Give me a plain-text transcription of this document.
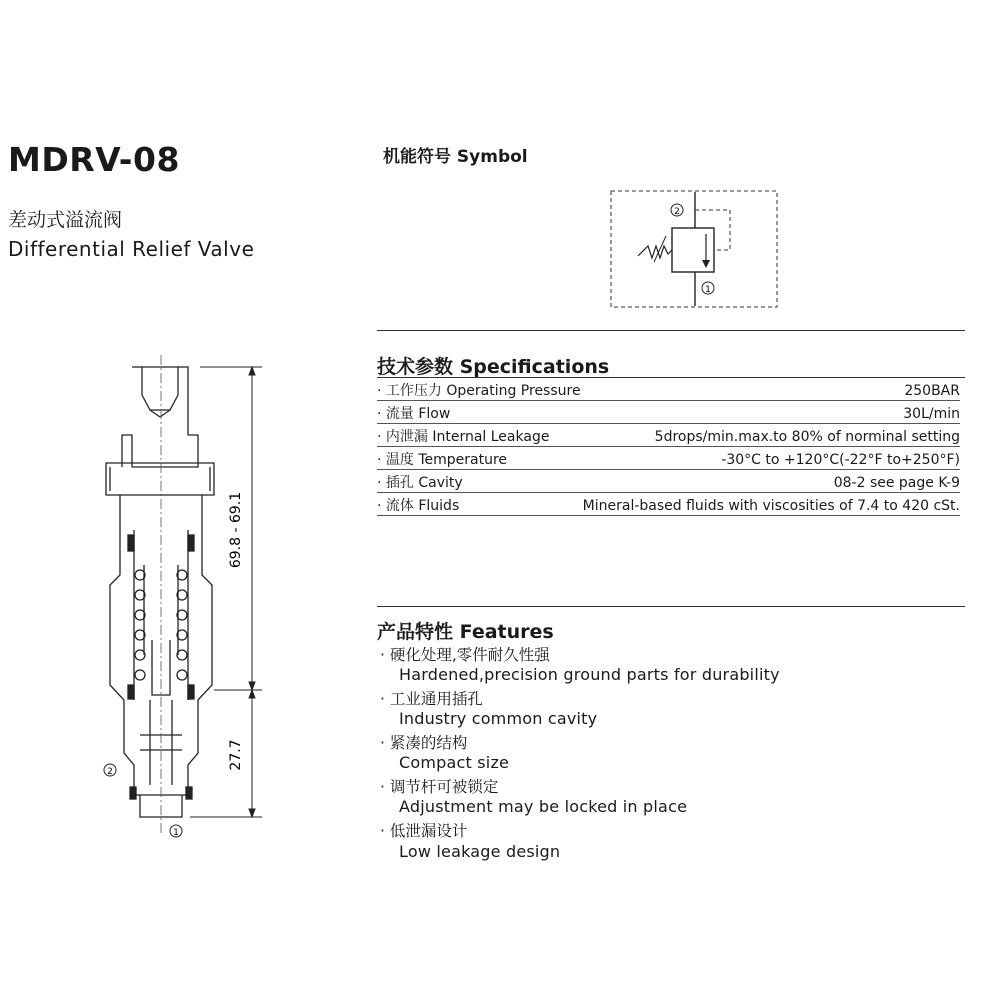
MDRV-08
差动式溢流阀
Differential Relief Valve
机能符号 Symbol
2
1
技术参数 Specifications
· 工作压力 Operating Pressure	250BAR
· 流量 Flow	30L/min
· 内泄漏 Internal Leakage	5drops/min.max.to 80% of norminal setting
· 温度 Temperature	-30°C to +120°C(-22°F to+250°F)
· 插孔 Cavity	08-2 see page K-9
· 流体 Fluids	Mineral-based fluids with viscosities of 7.4 to 420 cSt.
产品特性 Features
· 硬化处理,零件耐久性强
Hardened,precision ground parts for durability
· 工业通用插孔
Industry common cavity
· 紧凑的结构
Compact size
· 调节杆可被锁定
Adjustment may be locked in place
· 低泄漏设计
Low leakage design
69.8 - 69.1
27.7
2
1
